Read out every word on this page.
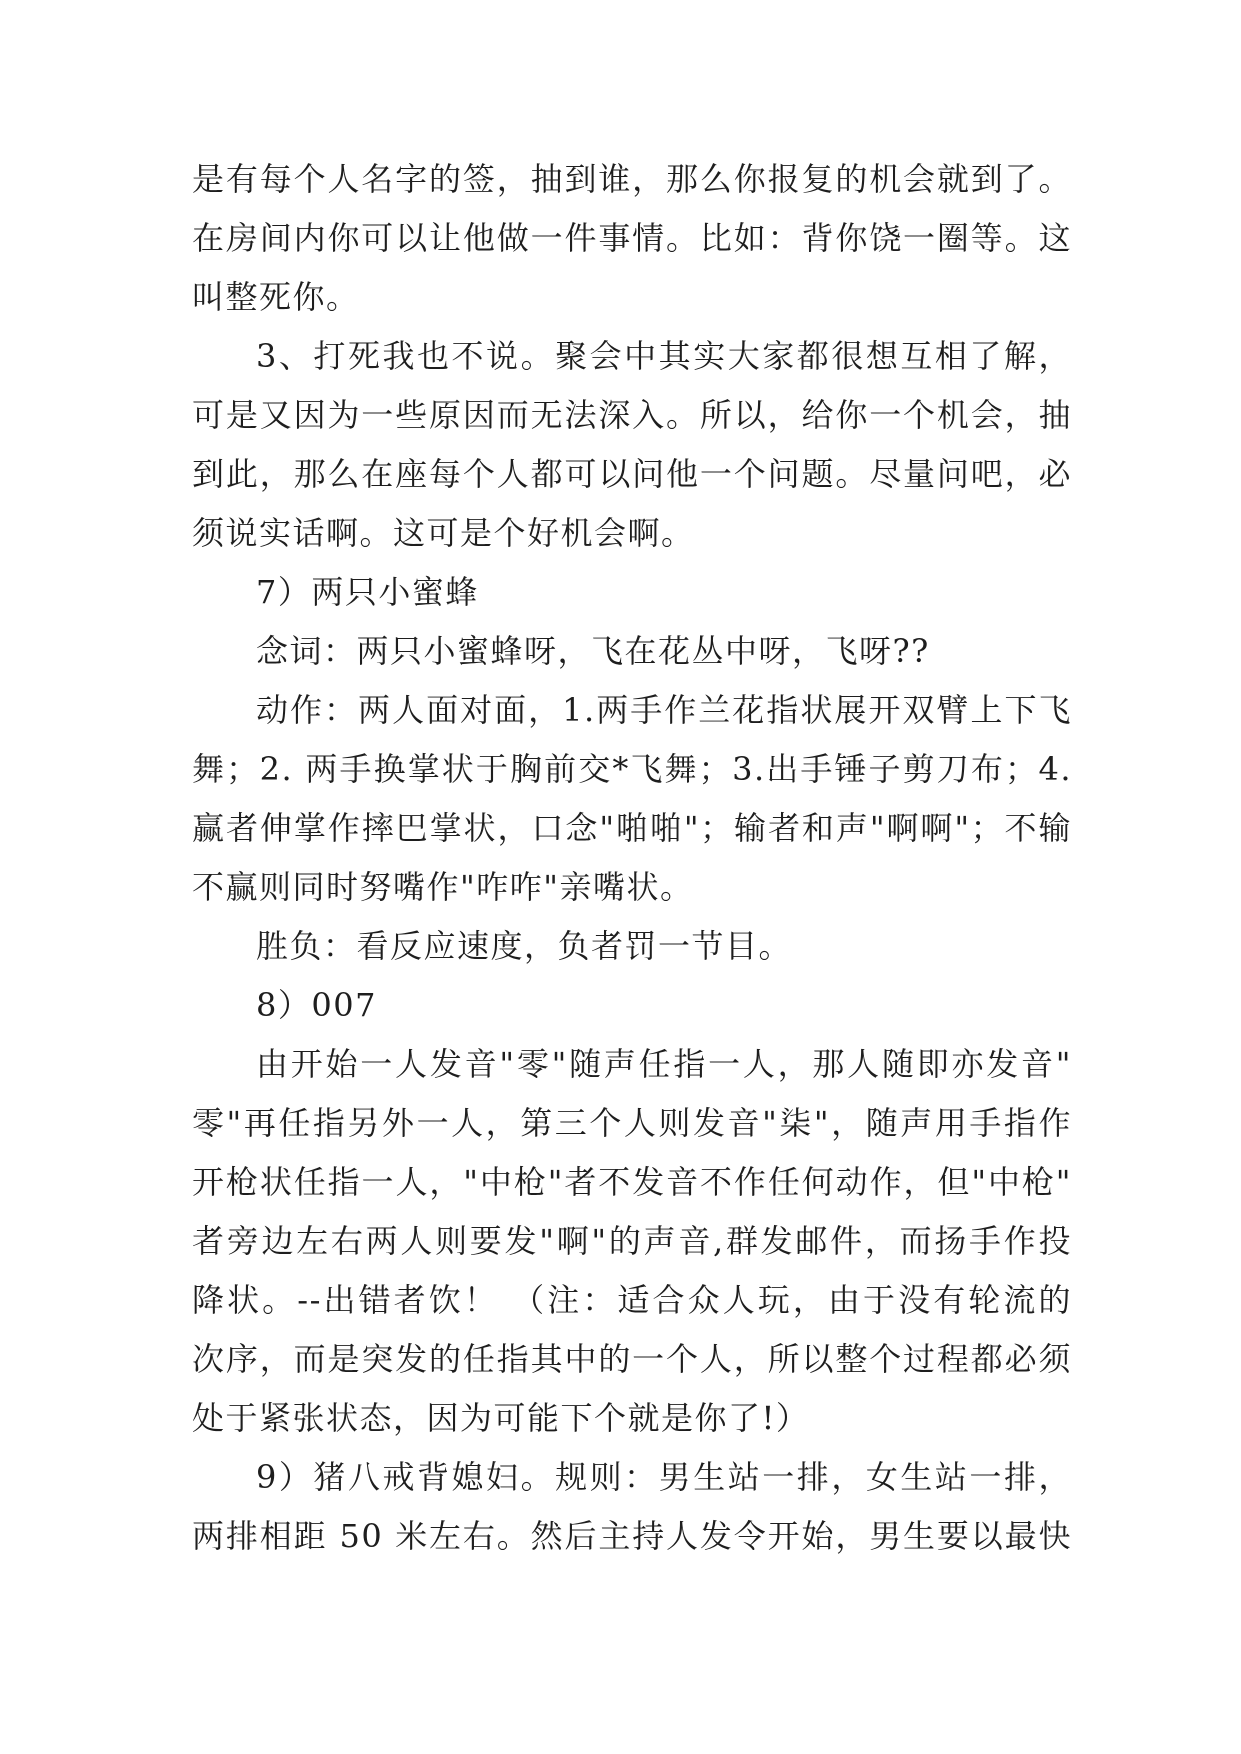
是有每个人名字的签，抽到谁，那么你报复的机会就到了。
在房间内你可以让他做一件事情。比如：背你饶一圈等。这
叫整死你。
3、打死我也不说。聚会中其实大家都很想互相了解，
可是又因为一些原因而无法深入。所以，给你一个机会，抽
到此，那么在座每个人都可以问他一个问题。尽量问吧，必
须说实话啊。这可是个好机会啊。
7）两只小蜜蜂
念词：两只小蜜蜂呀，飞在花丛中呀，飞呀??
动作：两人面对面，1.两手作兰花指状展开双臂上下飞
舞；2. 两手换掌状于胸前交*飞舞；3.出手锤子剪刀布；4.
赢者伸掌作摔巴掌状，口念"啪啪"；输者和声"啊啊"；不输
不赢则同时努嘴作"咋咋"亲嘴状。
胜负：看反应速度，负者罚一节目。
8）007
由开始一人发音"零"随声任指一人，那人随即亦发音"
零"再任指另外一人，第三个人则发音"柒"，随声用手指作
开枪状任指一人，"中枪"者不发音不作任何动作，但"中枪"
者旁边左右两人则要发"啊"的声音,群发邮件，而扬手作投
降状。--出错者饮！ （注：适合众人玩，由于没有轮流的
次序，而是突发的任指其中的一个人，所以整个过程都必须
处于紧张状态，因为可能下个就是你了!）
9）猪八戒背媳妇。规则：男生站一排，女生站一排，
两排相距 50 米左右。然后主持人发令开始，男生要以最快
